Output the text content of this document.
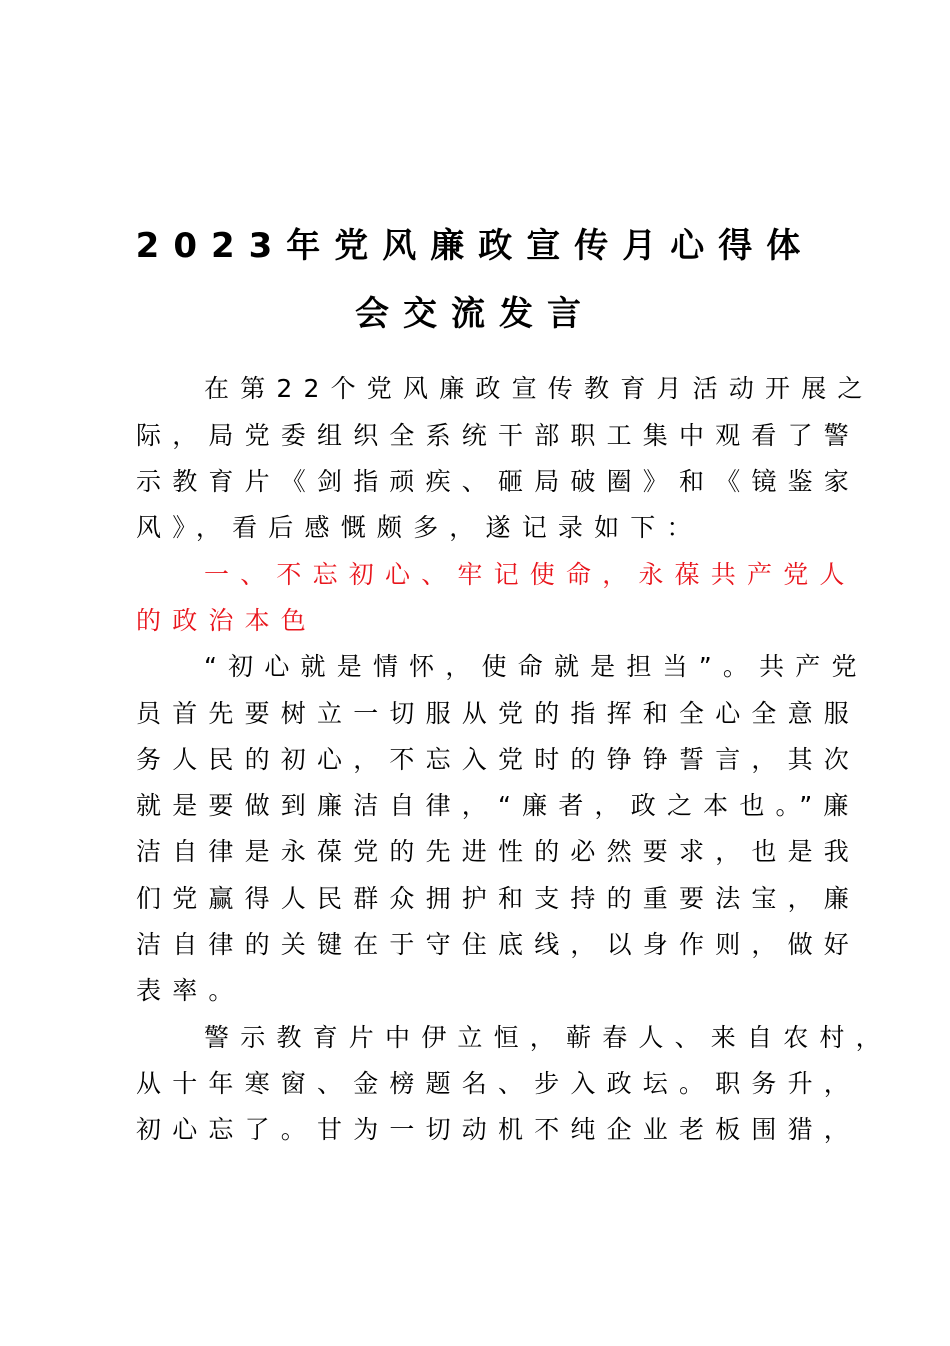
2023年党风廉政宣传月心得体
会交流发言
在第22个党风廉政宣传教育月活动开展之
际，局党委组织全系统干部职工集中观看了警
示教育片《剑指顽疾、砸局破圈》和《镜鉴家
风》，看后感慨颇多，遂记录如下：
一、不忘初心、牢记使命，永葆共产党人
的政治本色
“初心就是情怀，使命就是担当”。共产党
员首先要树立一切服从党的指挥和全心全意服
务人民的初心，不忘入党时的铮铮誓言，其次
就是要做到廉洁自律，“廉者，政之本也。”廉
洁自律是永葆党的先进性的必然要求，也是我
们党赢得人民群众拥护和支持的重要法宝，廉
洁自律的关键在于守住底线，以身作则，做好
表率。
警示教育片中伊立恒，蕲春人、来自农村，
从十年寒窗、金榜题名、步入政坛。职务升，
初心忘了。甘为一切动机不纯企业老板围猎，
